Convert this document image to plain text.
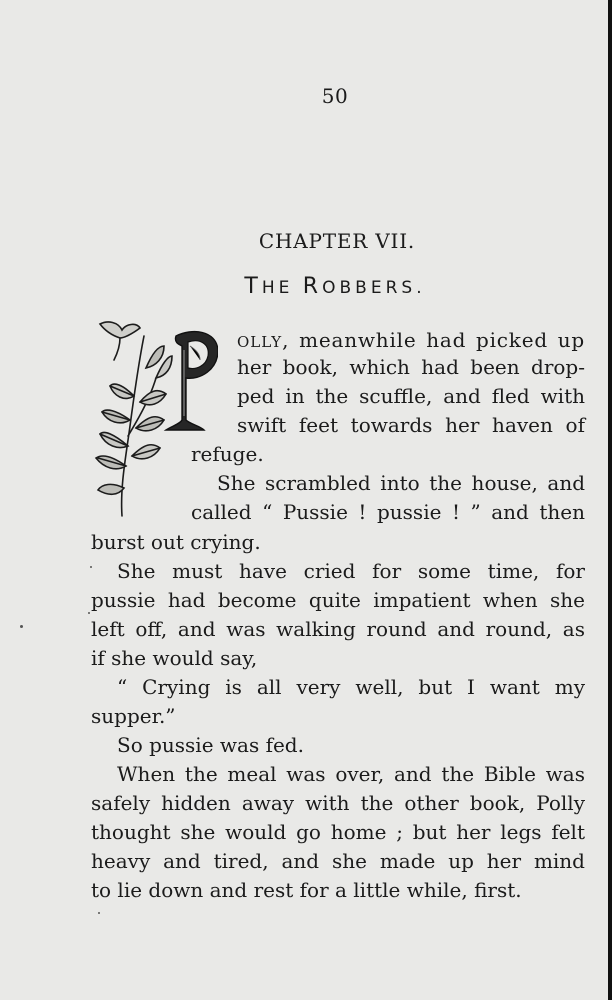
50
CHAPTER VII.
THE ROBBERS.
OLLY, meanwhile had picked up
her book, which had been drop-
ped in the scuffle, and fled with
swift feet towards her haven of
refuge.
She scrambled into the house, and
called “ Pussie ! pussie ! ” and then
burst out crying.
She must have cried for some time, for
pussie had become quite impatient when she
left off, and was walking round and round, as
if she would say,
“ Crying is all very well, but I want my
supper.”
So pussie was fed.
When the meal was over, and the Bible was
safely hidden away with the other book, Polly
thought she would go home ; but her legs felt
heavy and tired, and she made up her mind
to lie down and rest for a little while, first.
